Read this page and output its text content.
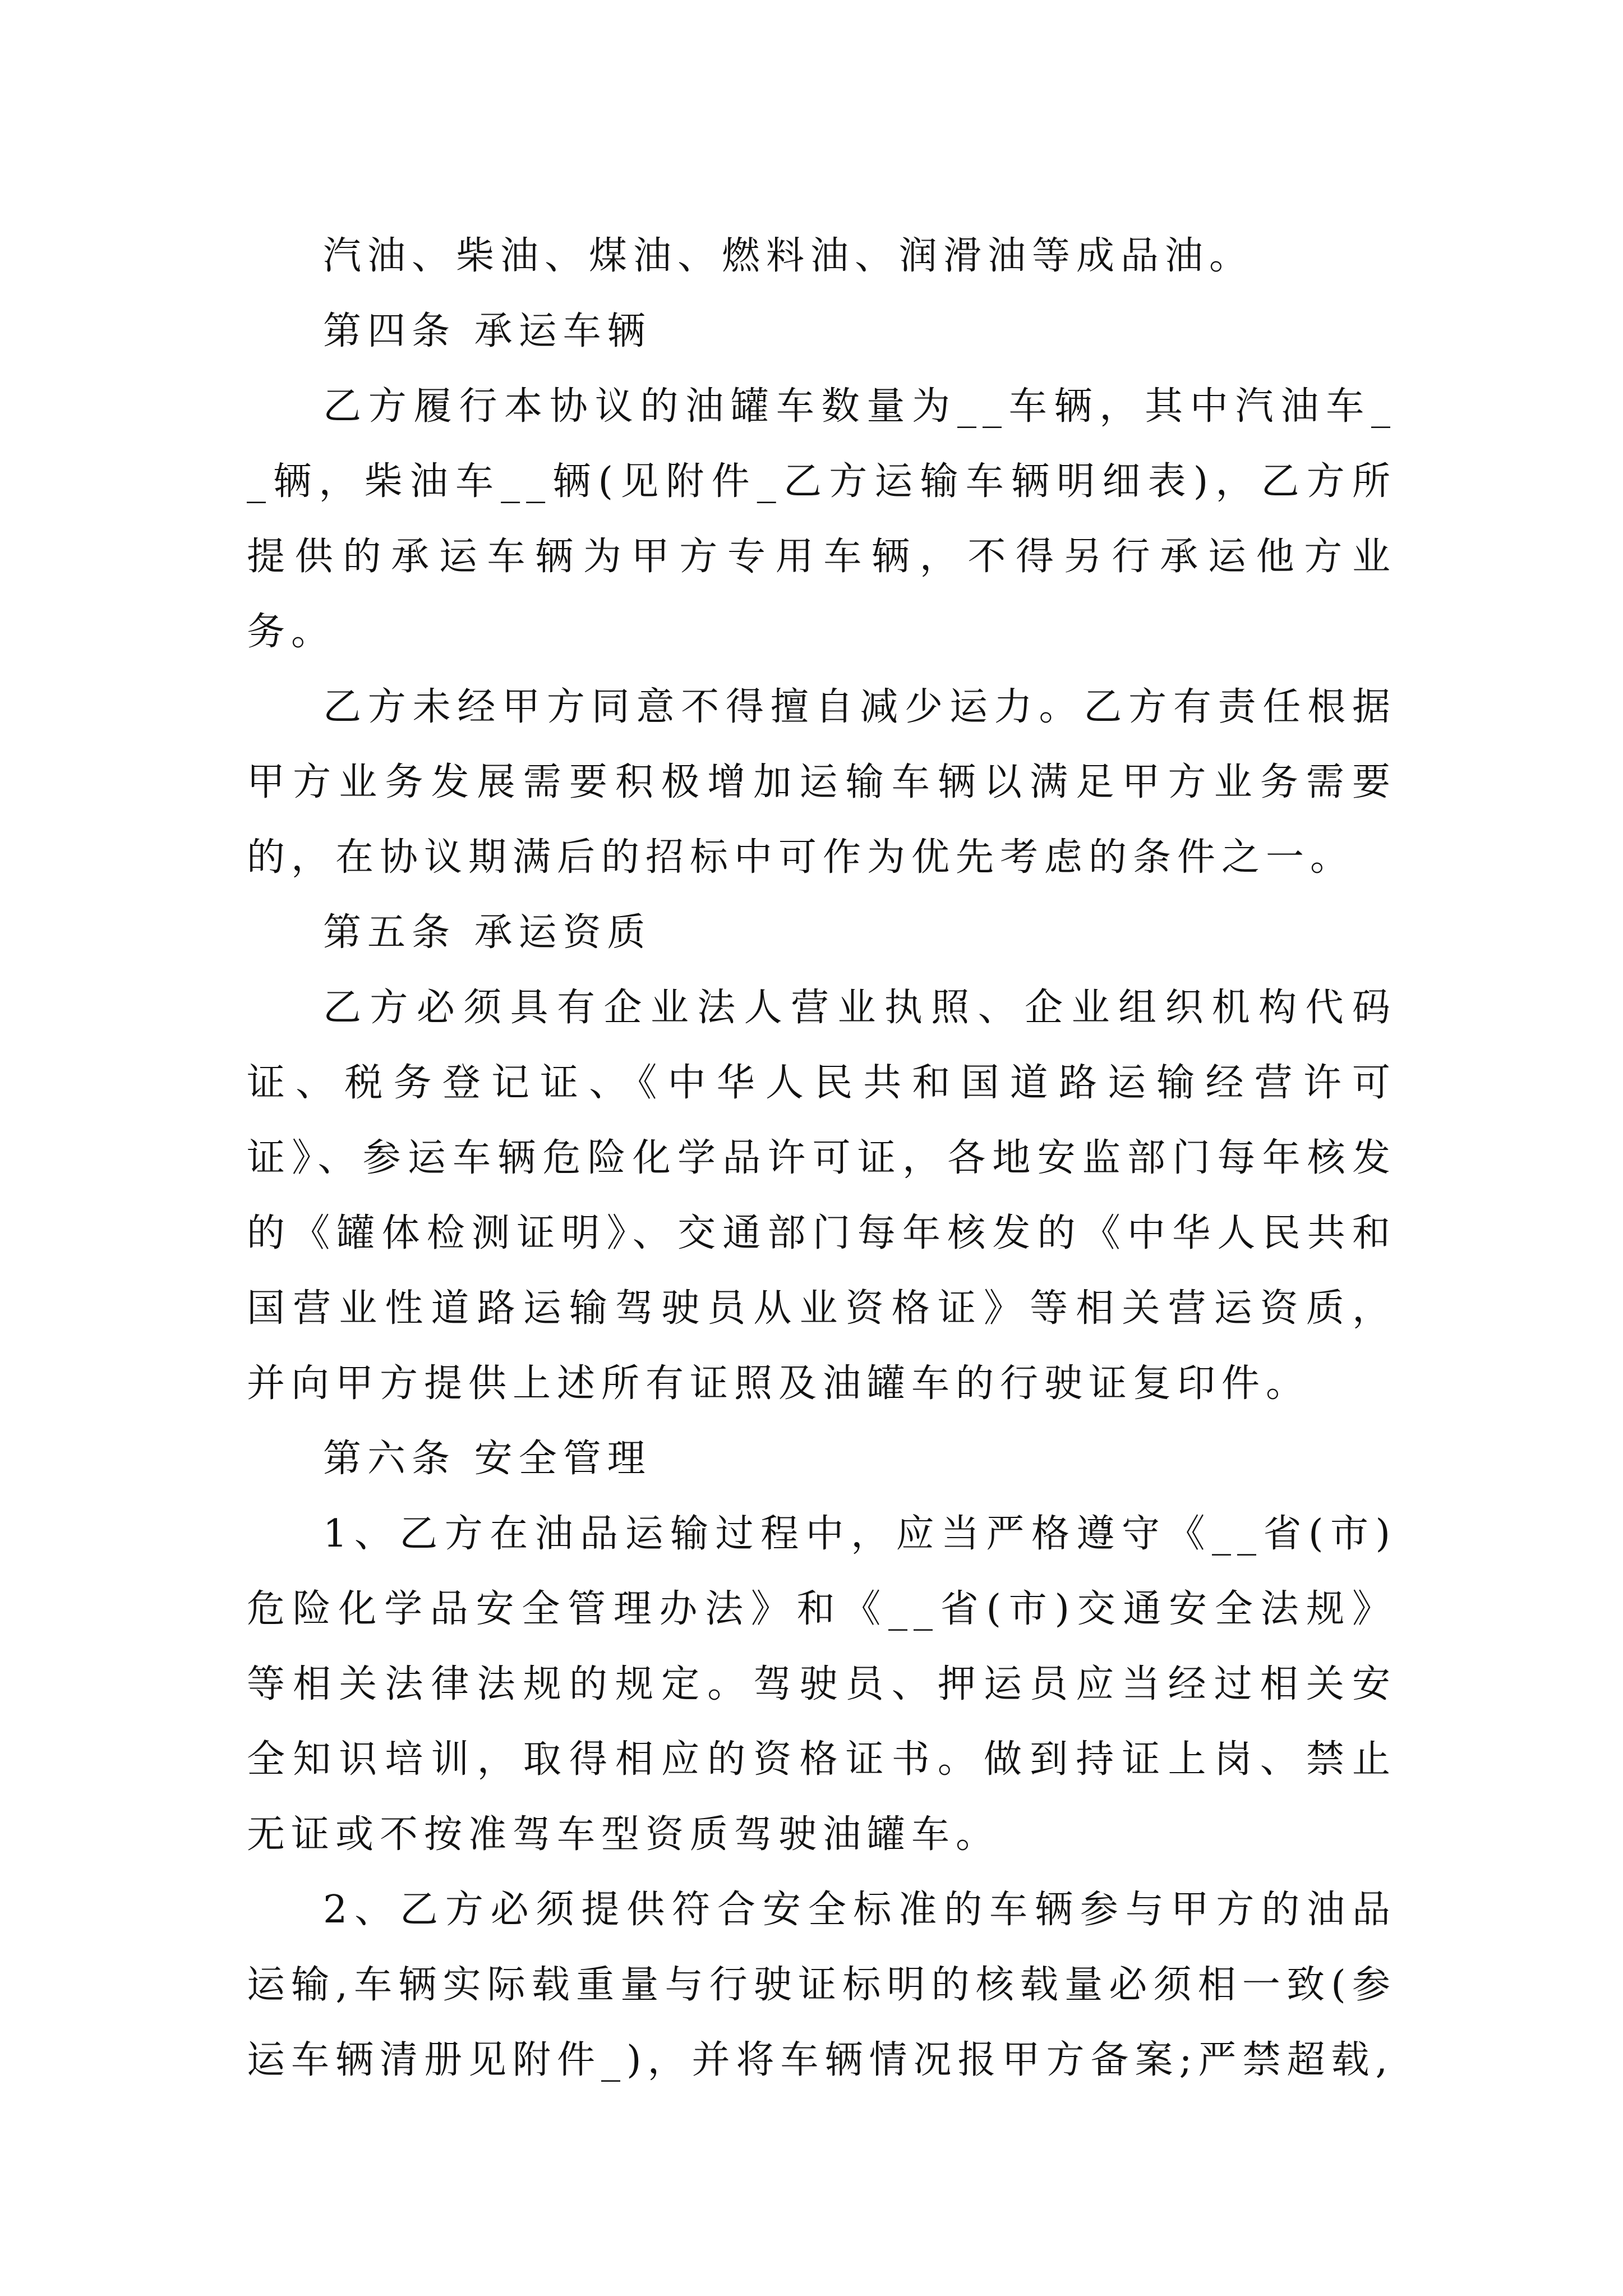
汽油、柴油、煤油、燃料油、润滑油等成品油。

第四条 承运车辆

乙方履行本协议的油罐车数量为__车辆，其中汽油车__辆，柴油车__辆(见附件_乙方运输车辆明细表)，乙方所提供的承运车辆为甲方专用车辆，不得另行承运他方业务。

乙方未经甲方同意不得擅自减少运力。乙方有责任根据甲方业务发展需要积极增加运输车辆以满足甲方业务需要的，在协议期满后的招标中可作为优先考虑的条件之一。

第五条 承运资质

乙方必须具有企业法人营业执照、企业组织机构代码证、税务登记证、《中华人民共和国道路运输经营许可证》、参运车辆危险化学品许可证，各地安监部门每年核发的《罐体检测证明》、交通部门每年核发的《中华人民共和国营业性道路运输驾驶员从业资格证》等相关营运资质，并向甲方提供上述所有证照及油罐车的行驶证复印件。

第六条 安全管理

1、乙方在油品运输过程中，应当严格遵守《__省(市)危险化学品安全管理办法》和《__省(市)交通安全法规》等相关法律法规的规定。驾驶员、押运员应当经过相关安全知识培训，取得相应的资格证书。做到持证上岗、禁止无证或不按准驾车型资质驾驶油罐车。

2、乙方必须提供符合安全标准的车辆参与甲方的油品运输,车辆实际载重量与行驶证标明的核载量必须相一致(参运车辆清册见附件_)，并将车辆情况报甲方备案;严禁超载,
